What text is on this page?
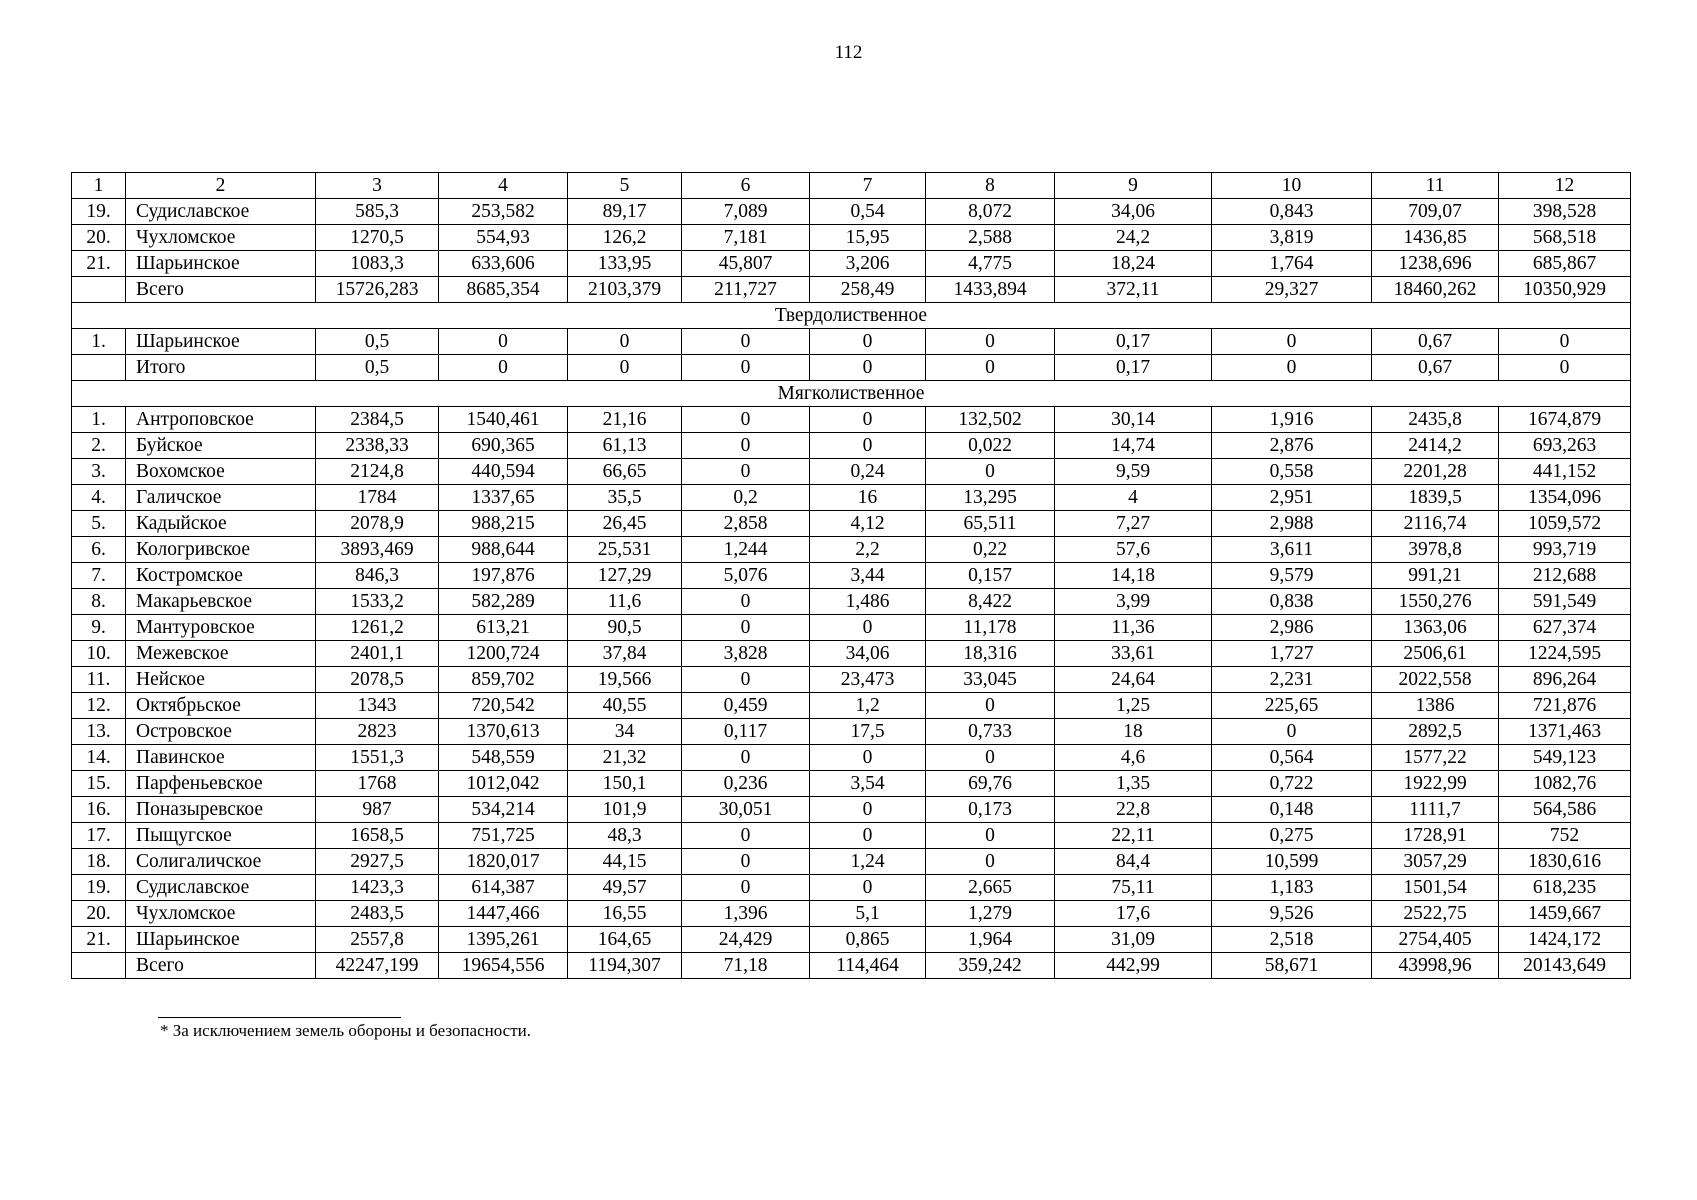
112
1	2	3	4	5	6	7	8	9	10	11	12
19.	Судиславское	585,3	253,582	89,17	7,089	0,54	8,072	34,06	0,843	709,07	398,528
20.	Чухломское	1270,5	554,93	126,2	7,181	15,95	2,588	24,2	3,819	1436,85	568,518
21.	Шарьинское	1083,3	633,606	133,95	45,807	3,206	4,775	18,24	1,764	1238,696	685,867
	Всего	15726,283	8685,354	2103,379	211,727	258,49	1433,894	372,11	29,327	18460,262	10350,929
Твердолиственное											
1.	Шарьинское	0,5	0	0	0	0	0	0,17	0	0,67	0
	Итого	0,5	0	0	0	0	0	0,17	0	0,67	0
Мягколиственное											
1.	Антроповское	2384,5	1540,461	21,16	0	0	132,502	30,14	1,916	2435,8	1674,879
2.	Буйское	2338,33	690,365	61,13	0	0	0,022	14,74	2,876	2414,2	693,263
3.	Вохомское	2124,8	440,594	66,65	0	0,24	0	9,59	0,558	2201,28	441,152
4.	Галичское	1784	1337,65	35,5	0,2	16	13,295	4	2,951	1839,5	1354,096
5.	Кадыйское	2078,9	988,215	26,45	2,858	4,12	65,511	7,27	2,988	2116,74	1059,572
6.	Кологривское	3893,469	988,644	25,531	1,244	2,2	0,22	57,6	3,611	3978,8	993,719
7.	Костромское	846,3	197,876	127,29	5,076	3,44	0,157	14,18	9,579	991,21	212,688
8.	Макарьевское	1533,2	582,289	11,6	0	1,486	8,422	3,99	0,838	1550,276	591,549
9.	Мантуровское	1261,2	613,21	90,5	0	0	11,178	11,36	2,986	1363,06	627,374
10.	Межевское	2401,1	1200,724	37,84	3,828	34,06	18,316	33,61	1,727	2506,61	1224,595
11.	Нейское	2078,5	859,702	19,566	0	23,473	33,045	24,64	2,231	2022,558	896,264
12.	Октябрьское	1343	720,542	40,55	0,459	1,2	0	1,25	225,65	1386	721,876
13.	Островское	2823	1370,613	34	0,117	17,5	0,733	18	0	2892,5	1371,463
14.	Павинское	1551,3	548,559	21,32	0	0	0	4,6	0,564	1577,22	549,123
15.	Парфеньевское	1768	1012,042	150,1	0,236	3,54	69,76	1,35	0,722	1922,99	1082,76
16.	Поназыревское	987	534,214	101,9	30,051	0	0,173	22,8	0,148	1111,7	564,586
17.	Пыщугское	1658,5	751,725	48,3	0	0	0	22,11	0,275	1728,91	752
18.	Солигаличское	2927,5	1820,017	44,15	0	1,24	0	84,4	10,599	3057,29	1830,616
19.	Судиславское	1423,3	614,387	49,57	0	0	2,665	75,11	1,183	1501,54	618,235
20.	Чухломское	2483,5	1447,466	16,55	1,396	5,1	1,279	17,6	9,526	2522,75	1459,667
21.	Шарьинское	2557,8	1395,261	164,65	24,429	0,865	1,964	31,09	2,518	2754,405	1424,172
	Всего	42247,199	19654,556	1194,307	71,18	114,464	359,242	442,99	58,671	43998,96	20143,649
* За исключением земель обороны и безопасности.
